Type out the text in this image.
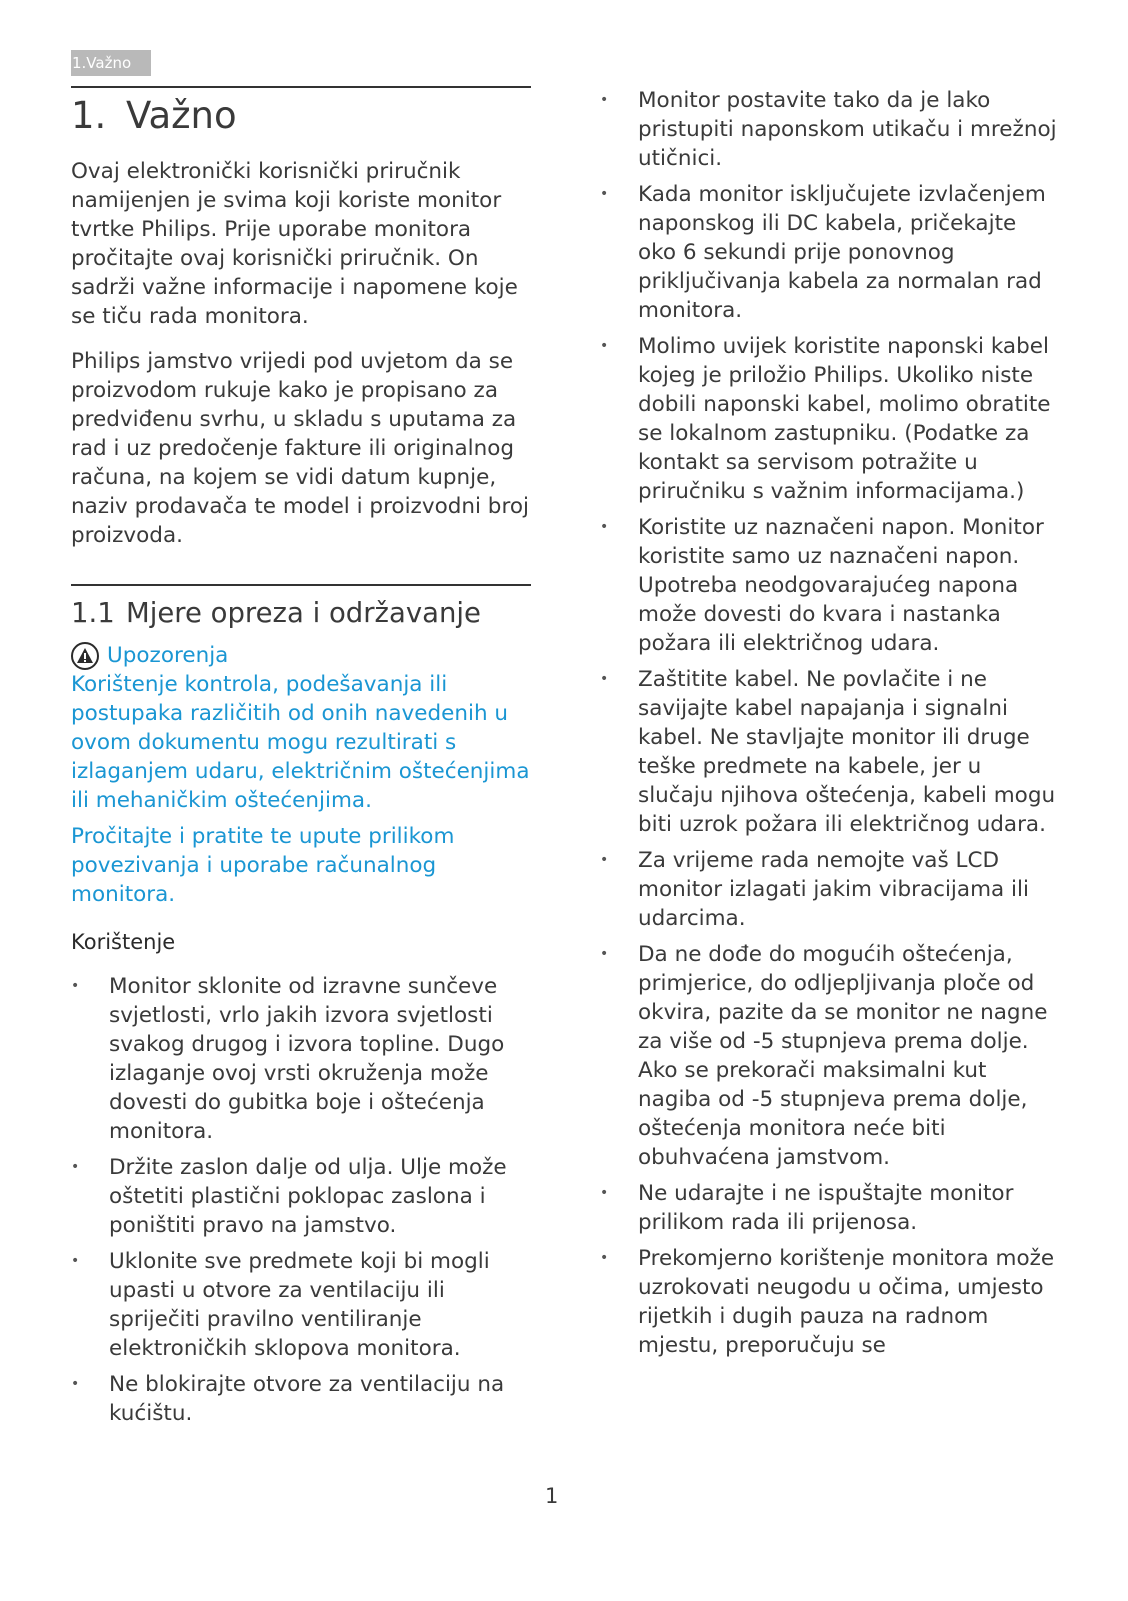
1.Važno
1. Važno

Ovaj elektronički korisnički priručnik namijenjen je svima koji koriste monitor tvrtke Philips. Prije uporabe monitora pročitajte ovaj korisnički priručnik. On sadrži važne informacije i napomene koje se tiču rada monitora.

Philips jamstvo vrijedi pod uvjetom da se proizvodom rukuje kako je propisano za predviđenu svrhu, u skladu s uputama za rad i uz predočenje fakture ili originalnog računa, na kojem se vidi datum kupnje, naziv prodavača te model i proizvodni broj proizvoda.

1.1 Mjere opreza i održavanje
Upozorenja

Korištenje kontrola, podešavanja ili postupaka različitih od onih navedenih u ovom dokumentu mogu rezultirati s izlaganjem udaru, električnim oštećenjima ili mehaničkim oštećenjima.

Pročitajte i pratite te upute prilikom povezivanja i uporabe računalnog monitora.

Korištenje
• Monitor sklonite od izravne sunčeve svjetlosti, vrlo jakih izvora svjetlosti svakog drugog i izvora topline. Dugo izlaganje ovoj vrsti okruženja može dovesti do gubitka boje i oštećenja monitora.
• Držite zaslon dalje od ulja. Ulje može oštetiti plastični poklopac zaslona i poništiti pravo na jamstvo.
• Uklonite sve predmete koji bi mogli upasti u otvore za ventilaciju ili spriječiti pravilno ventiliranje elektroničkih sklopova monitora.
• Ne blokirajte otvore za ventilaciju na kućištu.
• Monitor postavite tako da je lako pristupiti naponskom utikaču i mrežnoj utičnici.
• Kada monitor isključujete izvlačenjem naponskog ili DC kabela, pričekajte oko 6 sekundi prije ponovnog priključivanja kabela za normalan rad monitora.
• Molimo uvijek koristite naponski kabel kojeg je priložio Philips. Ukoliko niste dobili naponski kabel, molimo obratite se lokalnom zastupniku. (Podatke za kontakt sa servisom potražite u priručniku s važnim informacijama.)
• Koristite uz naznačeni napon. Monitor koristite samo uz naznačeni napon. Upotreba neodgovarajućeg napona može dovesti do kvara i nastanka požara ili električnog udara.
• Zaštitite kabel. Ne povlačite i ne savijajte kabel napajanja i signalni kabel. Ne stavljajte monitor ili druge teške predmete na kabele, jer u slučaju njihova oštećenja, kabeli mogu biti uzrok požara ili električnog udara.
• Za vrijeme rada nemojte vaš LCD monitor izlagati jakim vibracijama ili udarcima.
• Da ne dođe do mogućih oštećenja, primjerice, do odljepljivanja ploče od okvira, pazite da se monitor ne nagne za više od -5 stupnjeva prema dolje. Ako se prekorači maksimalni kut nagiba od -5 stupnjeva prema dolje, oštećenja monitora neće biti obuhvaćena jamstvom.
• Ne udarajte i ne ispuštajte monitor prilikom rada ili prijenosa.
• Prekomjerno korištenje monitora može uzrokovati neugodu u očima, umjesto rijetkih i dugih pauza na radnom mjestu, preporučuju se
1
